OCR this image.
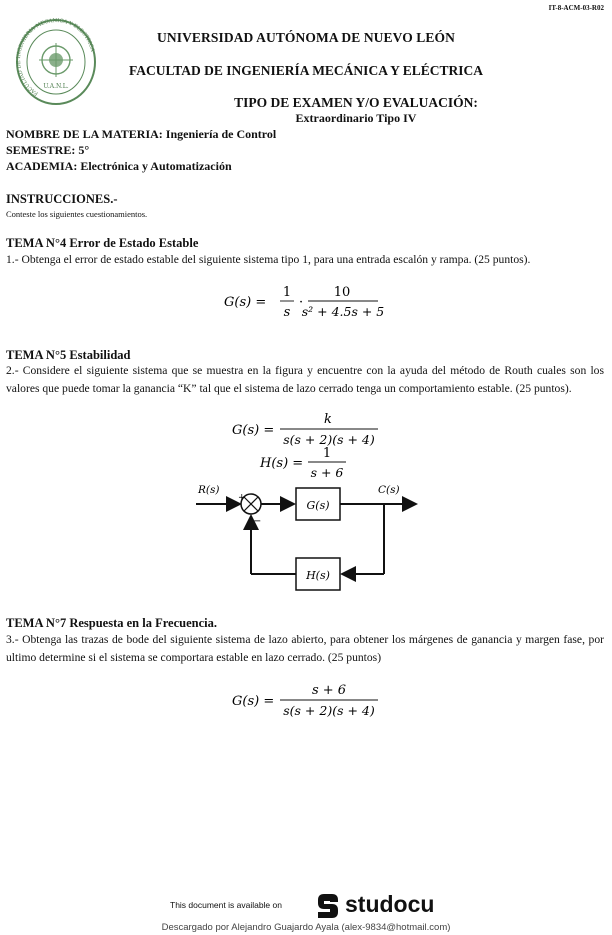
IT-8-ACM-03-R02
FACULTAD DE INGENIERIA MECANICA Y ELECTRICA
U.A.N.L.
UNIVERSIDAD AUTÓNOMA DE NUEVO LEÓN
FACULTAD DE INGENIERÍA MECÁNICA Y ELÉCTRICA
TIPO DE EXAMEN Y/O EVALUACIÓN:
Extraordinario Tipo IV
NOMBRE DE LA MATERIA: Ingeniería de Control
SEMESTRE: 5°
ACADEMIA: Electrónica y Automatización
INSTRUCCIONES.-
Conteste los siguientes cuestionamientos.
TEMA N°4 Error de Estado Estable
1.- Obtenga el error de estado estable del siguiente sistema tipo 1, para una entrada escalón y rampa. (25 puntos).
G(s) =
1
s
·
10
s² + 4.5s + 5
TEMA N°5 Estabilidad
2.- Considere el siguiente sistema que se muestra en la figura y encuentre con la ayuda del método de Routh cuales son los valores que puede tomar la ganancia “K” tal que el sistema de lazo cerrado tenga un comportamiento estable. (25 puntos).
G(s) =
k
s(s + 2)(s + 4)
H(s) =
1
s + 6
R(s)	C(s)
+
−
G(s)
H(s)
TEMA N°7 Respuesta en la Frecuencia.
3.- Obtenga las trazas de bode del siguiente sistema de lazo abierto, para obtener los márgenes de ganancia y margen fase, por ultimo determine si el sistema se comportara estable en lazo cerrado. (25 puntos)
G(s) =
s + 6
s(s + 2)(s + 4)
This document is available on	studocu
Descargado por Alejandro Guajardo Ayala (alex-9834@hotmail.com)
